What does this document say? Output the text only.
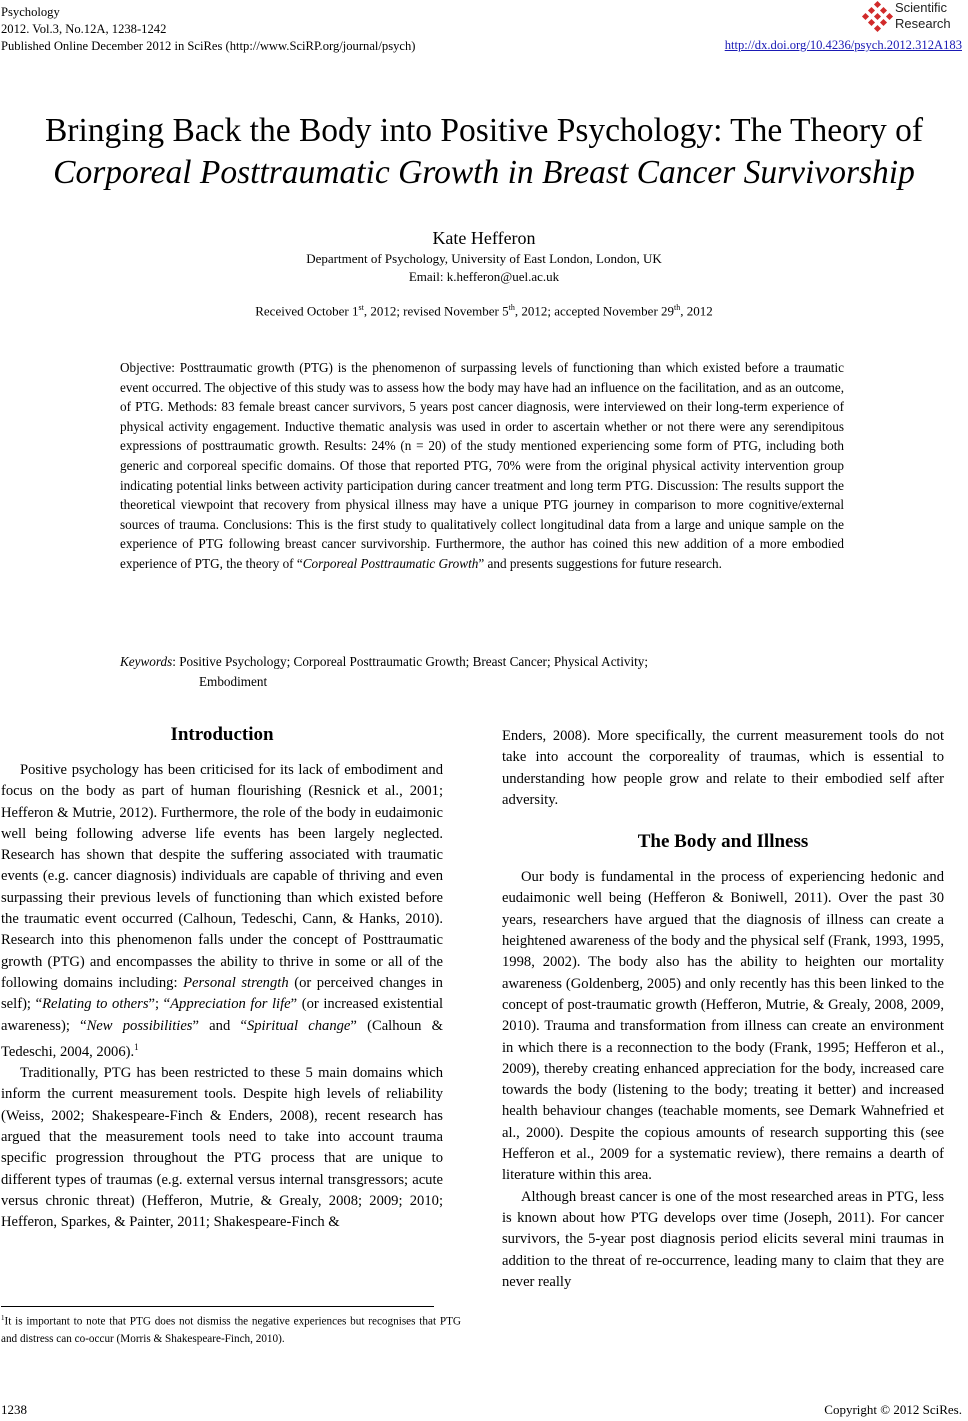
Psychology
2012. Vol.3, No.12A, 1238-1242
Published Online December 2012 in SciRes (http://www.SciRP.org/journal/psych)
Scientific
Research
http://dx.doi.org/10.4236/psych.2012.312A183
Bringing Back the Body into Positive Psychology: The Theory of
Corporeal Posttraumatic Growth in Breast Cancer Survivorship
Kate Hefferon
Department of Psychology, University of East London, London, UK
Email: k.hefferon@uel.ac.uk
Received October 1st, 2012; revised November 5th, 2012; accepted November 29th, 2012
Objective: Posttraumatic growth (PTG) is the phenomenon of surpassing levels of functioning than which existed before a traumatic event occurred. The objective of this study was to assess how the body may have had an influence on the facilitation, and as an outcome, of PTG. Methods: 83 female breast cancer survivors, 5 years post cancer diagnosis, were interviewed on their long-term experience of physical activity engagement. Inductive thematic analysis was used in order to ascertain whether or not there were any serendipitous expressions of posttraumatic growth. Results: 24% (n = 20) of the study mentioned experiencing some form of PTG, including both generic and corporeal specific domains. Of those that reported PTG, 70% were from the original physical activity intervention group indicating potential links between activity participation during cancer treatment and long term PTG. Discussion: The results support the theoretical viewpoint that recovery from physical illness may have a unique PTG journey in comparison to more cognitive/external sources of trauma. Conclusions: This is the first study to qualitatively collect longitudinal data from a large and unique sample on the experience of PTG following breast cancer survivorship. Furthermore, the author has coined this new addition of a more embodied experience of PTG, the theory of “Corporeal Posttraumatic Growth” and presents suggestions for future research.
Keywords: Positive Psychology; Corporeal Posttraumatic Growth; Breast Cancer; Physical Activity;
Embodiment
Introduction

Positive psychology has been criticised for its lack of embodiment and focus on the body as part of human flourishing (Resnick et al., 2001; Hefferon & Mutrie, 2012). Furthermore, the role of the body in eudaimonic well being following adverse life events has been largely neglected. Research has shown that despite the suffering associated with traumatic events (e.g. cancer diagnosis) individuals are capable of thriving and even surpassing their previous levels of functioning than which existed before the traumatic event occurred (Calhoun, Tedeschi, Cann, & Hanks, 2010). Research into this phenomenon falls under the concept of Posttraumatic growth (PTG) and encompasses the ability to thrive in some or all of the following domains including: Personal strength (or perceived changes in self); “Relating to others”; “Appreciation for life” (or increased existential awareness); “New possibilities” and “Spiritual change” (Calhoun & Tedeschi, 2004, 2006).$^1$

Traditionally, PTG has been restricted to these 5 main domains which inform the current measurement tools. Despite high levels of reliability (Weiss, 2002; Shakespeare-Finch & Enders, 2008), recent research has argued that the measurement tools need to take into account trauma specific progression throughout the PTG process that are unique to different types of traumas (e.g. external versus internal transgressors; acute versus chronic threat) (Hefferon, Mutrie, & Grealy, 2008; 2009; 2010; Hefferon, Sparkes, & Painter, 2011; Shakespeare-Finch &

Enders, 2008). More specifically, the current measurement tools do not take into account the corporeality of traumas, which is essential to understanding how people grow and relate to their embodied self after adversity.

The Body and Illness

Our body is fundamental in the process of experiencing hedonic and eudaimonic well being (Hefferon & Boniwell, 2011). Over the past 30 years, researchers have argued that the diagnosis of illness can create a heightened awareness of the body and the physical self (Frank, 1993, 1995, 1998, 2002). The body also has the ability to heighten our mortality awareness (Goldenberg, 2005) and only recently has this been linked to the concept of post-traumatic growth (Hefferon, Mutrie, & Grealy, 2008, 2009, 2010). Trauma and transformation from illness can create an environment in which there is a reconnection to the body (Frank, 1995; Hefferon et al., 2009), thereby creating enhanced appreciation for the body, increased care towards the body (listening to the body; treating it better) and increased health behaviour changes (teachable moments, see Demark Wahnefried et al., 2000). Despite the copious amounts of research supporting this (see Hefferon et al., 2009 for a systematic review), there remains a dearth of literature within this area.

Although breast cancer is one of the most researched areas in PTG, less is known about how PTG develops over time (Joseph, 2011). For cancer survivors, the 5-year post diagnosis period elicits several mini traumas in addition to the threat of re-occurrence, leading many to claim that they are never really

$^1$It is important to note that PTG does not dismiss the negative experiences but recognises that PTG and distress can co-occur (Morris & Shakespeare-Finch, 2010).
1238	Copyright © 2012 SciRes.
